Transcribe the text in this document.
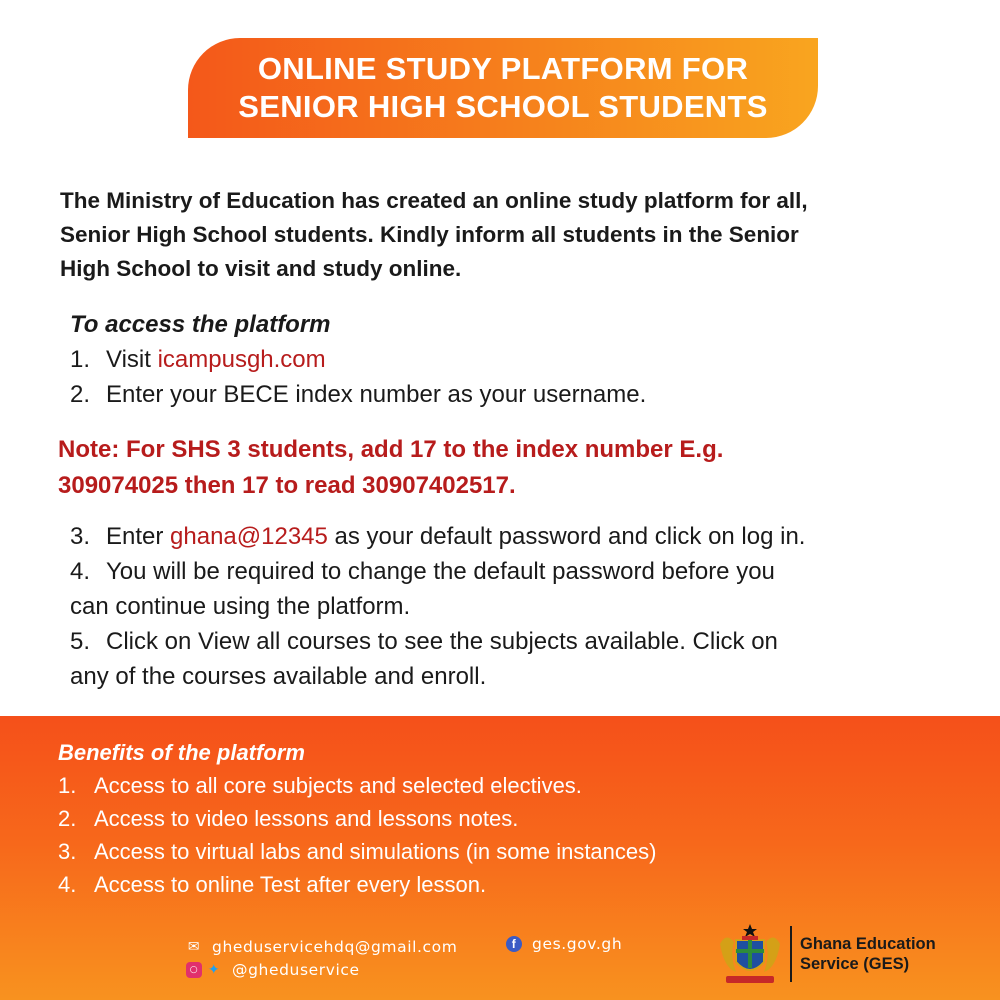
ONLINE STUDY PLATFORM FOR
SENIOR HIGH SCHOOL STUDENTS
The Ministry of Education has created an online study platform for all,
Senior High School students. Kindly inform all students in the Senior
High School to visit and study online.
To access the platform
1. Visit icampusgh.com
2. Enter your BECE index number as your username.
Note: For SHS 3 students, add 17 to the index number E.g.
309074025 then 17 to read 30907402517.
3. Enter ghana@12345 as your default password and click on log in.
4. You will be required to change the default password before you
can continue using the platform.
5. Click on View all courses to see the subjects available. Click on
any of the courses available and enroll.
Benefits of the platform
1. Access to all core subjects and selected electives.
2. Access to video lessons and lessons notes.
3. Access to virtual labs and simulations (in some instances)
4. Access to online Test after every lesson.
✉ gheduservicehdq@gmail.com	f	ges.gov.gh
○ ✦ @gheduservice
Ghana Education
Service (GES)
